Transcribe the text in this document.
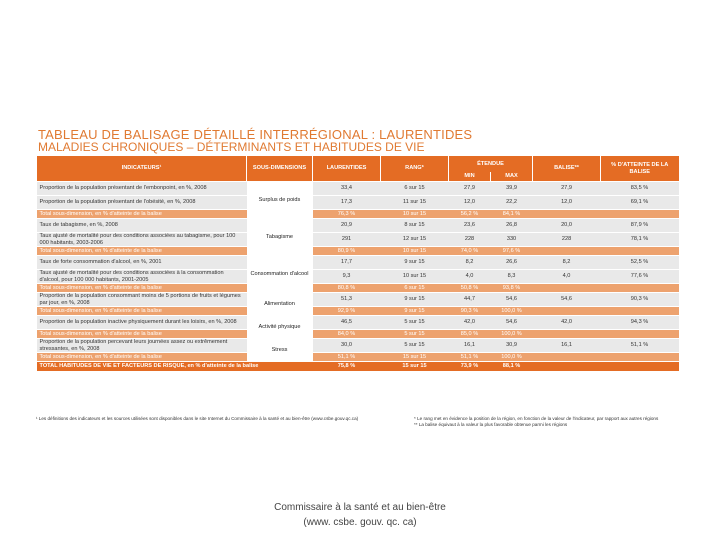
TABLEAU DE BALISAGE DÉTAILLÉ INTERRÉGIONAL : LAURENTIDES
MALADIES CHRONIQUES – DÉTERMINANTS ET HABITUDES DE VIE
INDICATEURS¹	SOUS-DIMENSIONS	LAURENTIDES	RANG*	ÉTENDUE		BALISE**	% D'ATTEINTE DE LA BALISE
				MIN	MAX		
Proportion de la population présentant de l'embonpoint, en %, 2008	Surplus de poids	33,4	6 sur 15	27,9	39,9	27,9	83,5 %
Proportion de la population présentant de l'obésité, en %, 2008		17,3	11 sur 15	12,0	22,2	12,0	69,1 %
Total sous-dimension, en % d'atteinte de la balise		76,3 %	10 sur 15	56,2 %	84,1 %		
Taux de tabagisme, en %, 2008	Tabagisme	20,9	8 sur 15	23,6	26,8	20,0	87,9 %
Taux ajusté de mortalité pour des conditions associées au tabagisme, pour 100 000 habitants, 2003-2006		291	12 sur 15	228	330	228	78,1 %
Total sous-dimension, en % d'atteinte de la balise		80,9 %	10 sur 15	74,0 %	97,6 %		
Taux de forte consommation d'alcool, en %, 2001	Consommation d'alcool	17,7	9 sur 15	8,2	26,6	8,2	52,5 %
Taux ajusté de mortalité pour des conditions associées à la consommation d'alcool, pour 100 000 habitants, 2001-2005		9,3	10 sur 15	4,0	8,3	4,0	77,6 %
Total sous-dimension, en % d'atteinte de la balise		80,8 %	6 sur 15	50,8 %	93,8 %		
Proportion de la population consommant moins de 5 portions de fruits et légumes par jour, en %, 2008	Alimentation	51,3	9 sur 15	44,7	54,6	54,6	90,3 %
Total sous-dimension, en % d'atteinte de la balise		92,9 %	9 sur 15	90,3 %	100,0 %		
Proportion de la population inactive physiquement durant les loisirs, en %, 2008	Activité physique	46,5	5 sur 15	42,0	54,6	42,0	94,3 %
Total sous-dimension, en % d'atteinte de la balise		84,0 %	5 sur 15	85,0 %	100,0 %		
Proportion de la population percevant leurs journées assez ou extrêmement stressantes, en %, 2008	Stress	30,0	5 sur 15	16,1	30,9	16,1	51,1 %
Total sous-dimension, en % d'atteinte de la balise		51,1 %	15 sur 15	51,1 %	100,0 %		
TOTAL HABITUDES DE VIE ET FACTEURS DE RISQUE, en % d'atteinte de la balise		75,8 %	15 sur 15	73,9 %	88,1 %		
¹ Les définitions des indicateurs et les sources utilisées sont disponibles dans le site Internet du Commissaire à la santé et au bien-être (www.csbe.gouv.qc.ca)	* Le rang met en évidence la position de la région, en fonction de la valeur de l'indicateur, par rapport aux autres régions
** La balise équivaut à la valeur la plus favorable obtenue parmi les régions
Commissaire à la santé et au bien-être
(www. csbe. gouv. qc. ca)
